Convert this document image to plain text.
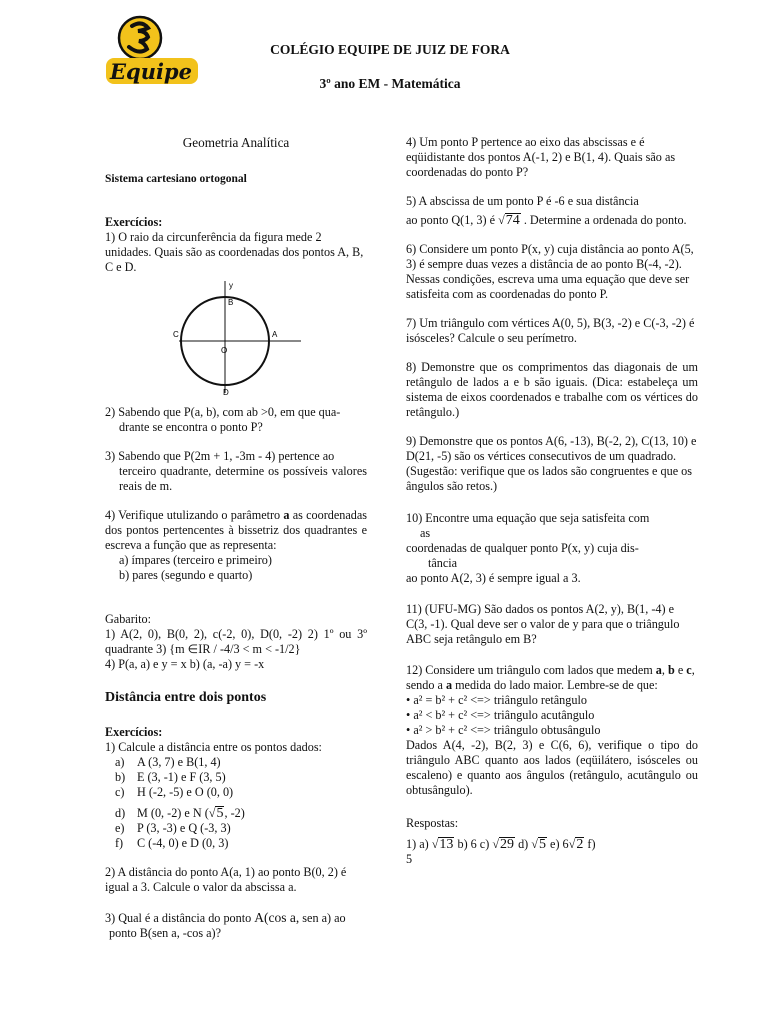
Equipe
COLÉGIO EQUIPE DE JUIZ DE FORA
3º ano EM - Matemática
Geometria Analítica
Sistema cartesiano ortogonal

Exercícios:

1) O raio da circunferência da figura mede 2 unidades. Quais são as coordenadas dos pontos A, B, C e D.

y
B
C	A
O
D

2) Sabendo que P(a, b), com ab >0, em que qua-

drante se encontra o ponto P?

3) Sabendo que P(2m + 1, -3m - 4) pertence ao

terceiro quadrante, determine os possíveis valores reais de m.

4) Verifique utulizando o parâmetro a as coordenadas dos pontos pertencentes à bissetriz dos quadrantes e escreva a função que as representa:

a) ímpares (terceiro e primeiro)

b) pares (segundo e quarto)

Gabarito:

1) A(2, 0), B(0, 2), c(-2, 0), D(0, -2) 2) 1º ou 3º quadrante 3) {m ∈IR / -4/3 < m < -1/2}

4) P(a, a) e y = x b) (a, -a) y = -x

Distância entre dois pontos

Exercícios:

1) Calcule a distância entre os pontos dados:

a)	A (3, 7) e B(1, 4)
b) E (3, -1) e F (3, 5)
c)	H (-2, -5) e O (0, 0)
d) M (0, -2) e N (√5, -2)
e)	P (3, -3) e Q (-3, 3)
f)	C (-4, 0) e D (0, 3)

2) A distância do ponto A(a, 1) ao ponto B(0, 2) é igual a 3. Calcule o valor da abscissa a.

3) Qual é a distância do ponto A(cos a, sen a) ao

ponto B(sen a, -cos a)?

4) Um ponto P pertence ao eixo das abscissas e é eqüidistante dos pontos A(-1, 2) e B(1, 4). Quais são as coordenadas do ponto P?

5) A abscissa de um ponto P é -6 e sua distância

ao ponto Q(1, 3) é √74 . Determine a ordenada do ponto.

6) Considere um ponto P(x, y) cuja distância ao ponto A(5, 3) é sempre duas vezes a distância de ao ponto B(-4, -2). Nessas condições, escreva uma uma equação que deve ser satisfeita com as coordenadas do ponto P.

7) Um triângulo com vértices A(0, 5), B(3, -2) e C(-3, -2) é isósceles? Calcule o seu perímetro.

8) Demonstre que os comprimentos das diagonais de um retângulo de lados a e b são iguais. (Dica: estabeleça um sistema de eixos coordenados e trabalhe com os vértices do retângulo.)

9) Demonstre que os pontos A(6, -13), B(-2, 2), C(13, 10) e D(21, -5) são os vértices consecutivos de um quadrado. (Sugestão: verifique que os lados são congruentes e que os ângulos são retos.)

10) Encontre uma equação que seja satisfeita com

as

coordenadas de qualquer ponto P(x, y) cuja dis-

tância

ao ponto A(2, 3) é sempre igual a 3.

11) (UFU-MG) São dados os pontos A(2, y), B(1, -4) e C(3, -1). Qual deve ser o valor de y para que o triângulo ABC seja retângulo em B?

12) Considere um triângulo com lados que medem a, b e c, sendo a a medida do lado maior. Lembre-se de que:

• a² = b² + c² <=> triângulo retângulo
• a² < b² + c² <=> triângulo acutângulo
• a² > b² + c² <=> triângulo obtusângulo

Dados A(4, -2), B(2, 3) e C(6, 6), verifique o tipo do triângulo ABC quanto aos lados (eqüilátero, isósceles ou escaleno) e quanto aos ângulos (retângulo, acutângulo ou obtusângulo).

Respostas:

1) a) √13 b) 6 c) √29 d) √5 e) 6√2 f)

5
